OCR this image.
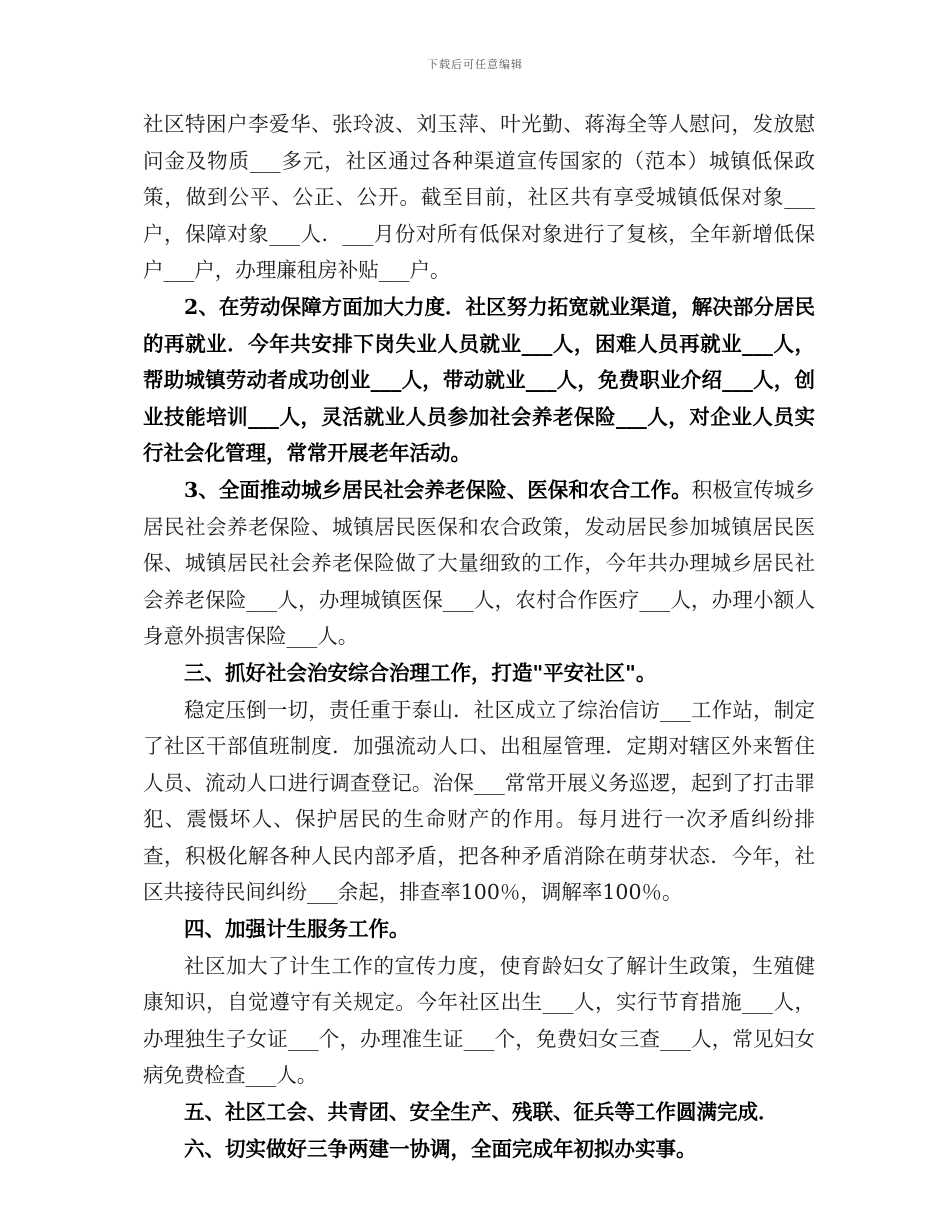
下载后可任意编辑

社区特困户李爱华、张玲波、刘玉萍、叶光勤、蒋海全等人慰问，发放慰问金及物质___多元，社区通过各种渠道宣传国家的（范本）城镇低保政策，做到公平、公正、公开。截至目前，社区共有享受城镇低保对象___户，保障对象___人．___月份对所有低保对象进行了复核，全年新增低保户___户，办理廉租房补贴___户。

2、在劳动保障方面加大力度．社区努力拓宽就业渠道，解决部分居民的再就业．今年共安排下岗失业人员就业___人，困难人员再就业___人，帮助城镇劳动者成功创业___人，带动就业___人，免费职业介绍___人，创业技能培训___人，灵活就业人员参加社会养老保险___人，对企业人员实行社会化管理，常常开展老年活动。

3、全面推动城乡居民社会养老保险、医保和农合工作。积极宣传城乡居民社会养老保险、城镇居民医保和农合政策，发动居民参加城镇居民医保、城镇居民社会养老保险做了大量细致的工作，今年共办理城乡居民社会养老保险___人，办理城镇医保___人，农村合作医疗___人，办理小额人身意外损害保险___人。

三、抓好社会治安综合治理工作，打造"平安社区"。

稳定压倒一切，责任重于泰山．社区成立了综治信访___工作站，制定了社区干部值班制度．加强流动人口、出租屋管理．定期对辖区外来暂住人员、流动人口进行调查登记。治保___常常开展义务巡逻，起到了打击罪犯、震慑坏人、保护居民的生命财产的作用。每月进行一次矛盾纠纷排查，积极化解各种人民内部矛盾，把各种矛盾消除在萌芽状态．今年，社区共接待民间纠纷___余起，排查率100％，调解率100％。

四、加强计生服务工作。

社区加大了计生工作的宣传力度，使育龄妇女了解计生政策，生殖健康知识，自觉遵守有关规定。今年社区出生___人，实行节育措施___人，办理独生子女证___个，办理准生证___个，免费妇女三查___人，常见妇女病免费检查___人。

五、社区工会、共青团、安全生产、残联、征兵等工作圆满完成．

六、切实做好三争两建一协调，全面完成年初拟办实事。
